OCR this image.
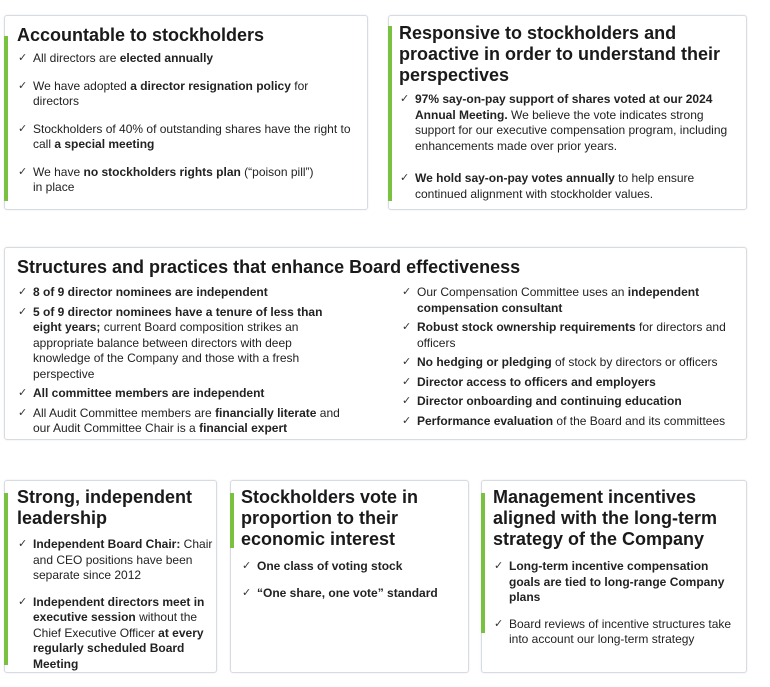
Accountable to stockholders
✓ All directors are elected annually
✓ We have adopted a director resignation policy for directors
✓ Stockholders of 40% of outstanding shares have the right to call a special meeting
✓ We have no stockholders rights plan (“poison pill”) in place
Responsive to stockholders and proactive in order to understand their perspectives
✓ 97% say-on-pay support of shares voted at our 2024 Annual Meeting. We believe the vote indicates strong support for our executive compensation program, including enhancements made over prior years.
✓ We hold say-on-pay votes annually to help ensure continued alignment with stockholder values.
Structures and practices that enhance Board effectiveness
✓ 8 of 9 director nominees are independent
✓ 5 of 9 director nominees have a tenure of less than eight years; current Board composition strikes an appropriate balance between directors with deep knowledge of the Company and those with a fresh perspective
✓ All committee members are independent
✓ All Audit Committee members are financially literate and our Audit Committee Chair is a financial expert
✓ Our Compensation Committee uses an independent compensation consultant
✓ Robust stock ownership requirements for directors and officers
✓ No hedging or pledging of stock by directors or officers
✓ Director access to officers and employers
✓ Director onboarding and continuing education
✓ Performance evaluation of the Board and its committees
Strong, independent leadership
✓ Independent Board Chair: Chair and CEO positions have been separate since 2012
✓ Independent directors meet in executive session without the Chief Executive Officer at every regularly scheduled Board Meeting
Stockholders vote in proportion to their economic interest
✓ One class of voting stock
✓ “One share, one vote” standard
Management incentives aligned with the long-term strategy of the Company
✓ Long-term incentive compensation goals are tied to long-range Company plans
✓ Board reviews of incentive structures take into account our long-term strategy
